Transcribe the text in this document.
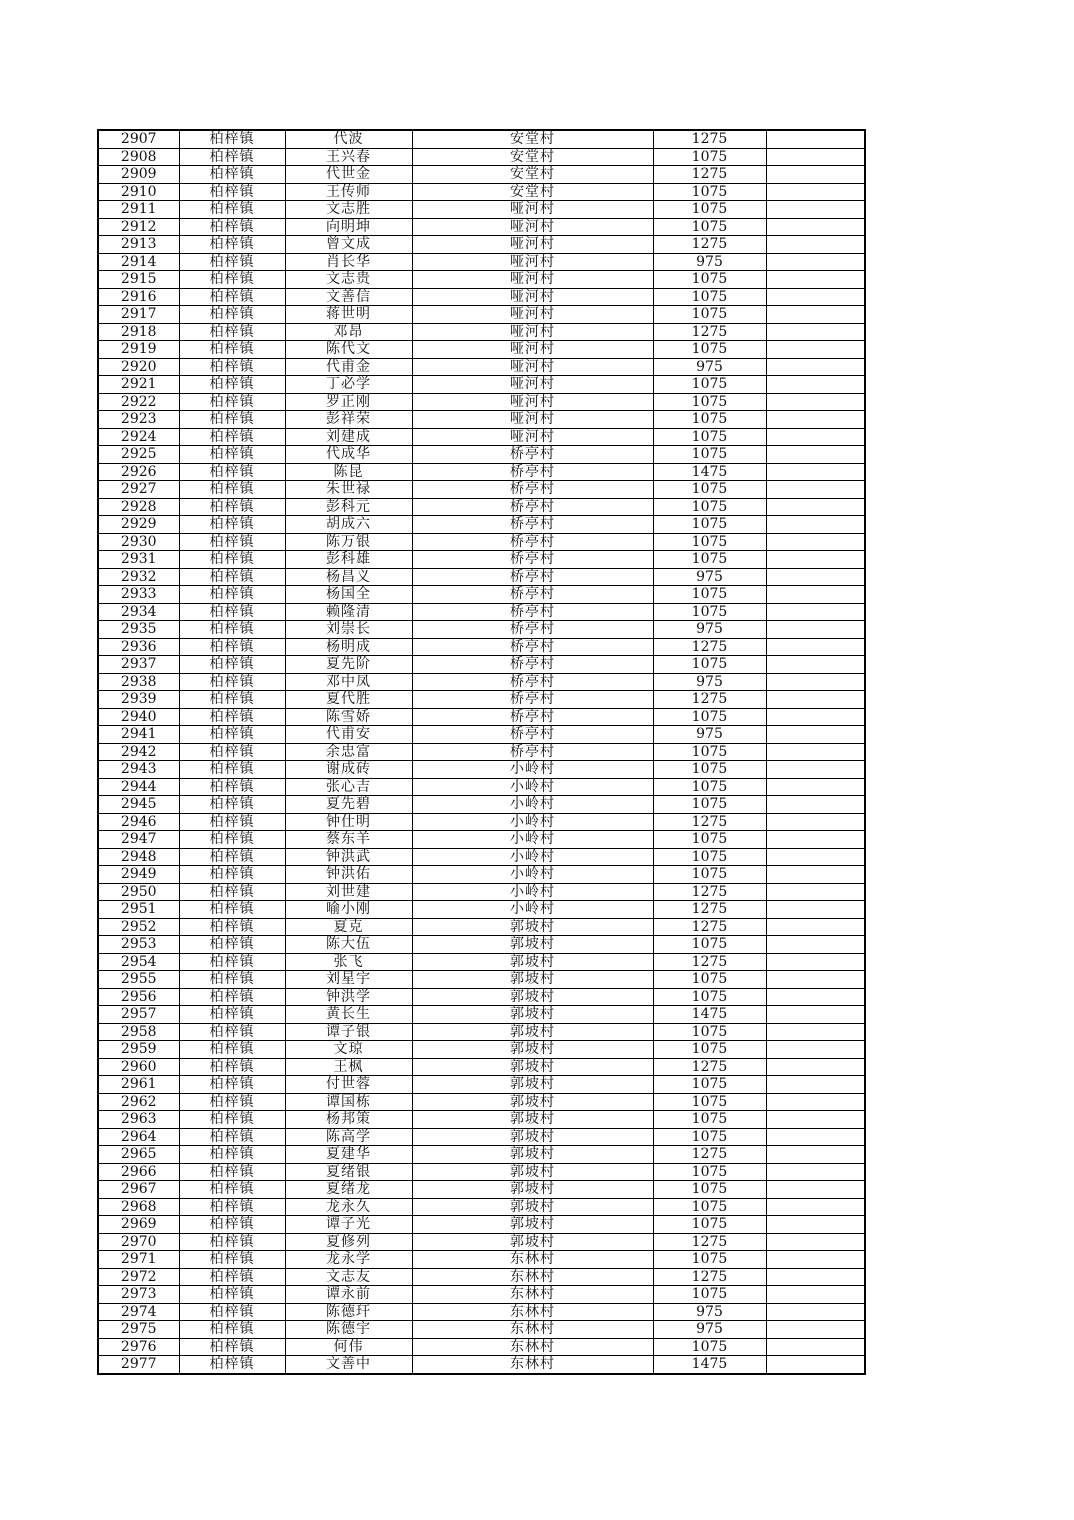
2907	柏梓镇	代波	安堂村	1275	
2908	柏梓镇	王兴春	安堂村	1075	
2909	柏梓镇	代世金	安堂村	1275	
2910	柏梓镇	王传师	安堂村	1075	
2911	柏梓镇	文志胜	哑河村	1075	
2912	柏梓镇	向明坤	哑河村	1075	
2913	柏梓镇	曾文成	哑河村	1275	
2914	柏梓镇	肖长华	哑河村	975	
2915	柏梓镇	文志贵	哑河村	1075	
2916	柏梓镇	文善信	哑河村	1075	
2917	柏梓镇	蒋世明	哑河村	1075	
2918	柏梓镇	邓昂	哑河村	1275	
2919	柏梓镇	陈代文	哑河村	1075	
2920	柏梓镇	代甫金	哑河村	975	
2921	柏梓镇	丁必学	哑河村	1075	
2922	柏梓镇	罗正刚	哑河村	1075	
2923	柏梓镇	彭祥荣	哑河村	1075	
2924	柏梓镇	刘建成	哑河村	1075	
2925	柏梓镇	代成华	桥亭村	1075	
2926	柏梓镇	陈昆	桥亭村	1475	
2927	柏梓镇	朱世禄	桥亭村	1075	
2928	柏梓镇	彭科元	桥亭村	1075	
2929	柏梓镇	胡成六	桥亭村	1075	
2930	柏梓镇	陈万银	桥亭村	1075	
2931	柏梓镇	彭科雄	桥亭村	1075	
2932	柏梓镇	杨昌义	桥亭村	975	
2933	柏梓镇	杨国全	桥亭村	1075	
2934	柏梓镇	赖隆清	桥亭村	1075	
2935	柏梓镇	刘崇长	桥亭村	975	
2936	柏梓镇	杨明成	桥亭村	1275	
2937	柏梓镇	夏先阶	桥亭村	1075	
2938	柏梓镇	邓中凤	桥亭村	975	
2939	柏梓镇	夏代胜	桥亭村	1275	
2940	柏梓镇	陈雪娇	桥亭村	1075	
2941	柏梓镇	代甫安	桥亭村	975	
2942	柏梓镇	余忠富	桥亭村	1075	
2943	柏梓镇	谢成砖	小岭村	1075	
2944	柏梓镇	张心吉	小岭村	1075	
2945	柏梓镇	夏先碧	小岭村	1075	
2946	柏梓镇	钟仕明	小岭村	1275	
2947	柏梓镇	蔡东羊	小岭村	1075	
2948	柏梓镇	钟洪武	小岭村	1075	
2949	柏梓镇	钟洪佑	小岭村	1075	
2950	柏梓镇	刘世建	小岭村	1275	
2951	柏梓镇	喻小刚	小岭村	1275	
2952	柏梓镇	夏克	郭坡村	1275	
2953	柏梓镇	陈大伍	郭坡村	1075	
2954	柏梓镇	张飞	郭坡村	1275	
2955	柏梓镇	刘星宇	郭坡村	1075	
2956	柏梓镇	钟洪学	郭坡村	1075	
2957	柏梓镇	黄长生	郭坡村	1475	
2958	柏梓镇	谭子银	郭坡村	1075	
2959	柏梓镇	文琼	郭坡村	1075	
2960	柏梓镇	王枫	郭坡村	1275	
2961	柏梓镇	付世蓉	郭坡村	1075	
2962	柏梓镇	谭国栋	郭坡村	1075	
2963	柏梓镇	杨邦策	郭坡村	1075	
2964	柏梓镇	陈高学	郭坡村	1075	
2965	柏梓镇	夏建华	郭坡村	1275	
2966	柏梓镇	夏绪银	郭坡村	1075	
2967	柏梓镇	夏绪龙	郭坡村	1075	
2968	柏梓镇	龙永久	郭坡村	1075	
2969	柏梓镇	谭子光	郭坡村	1075	
2970	柏梓镇	夏修列	郭坡村	1275	
2971	柏梓镇	龙永学	东林村	1075	
2972	柏梓镇	文志友	东林村	1275	
2973	柏梓镇	谭永前	东林村	1075	
2974	柏梓镇	陈德玕	东林村	975	
2975	柏梓镇	陈德宇	东林村	975	
2976	柏梓镇	何伟	东林村	1075	
2977	柏梓镇	文善中	东林村	1475	
